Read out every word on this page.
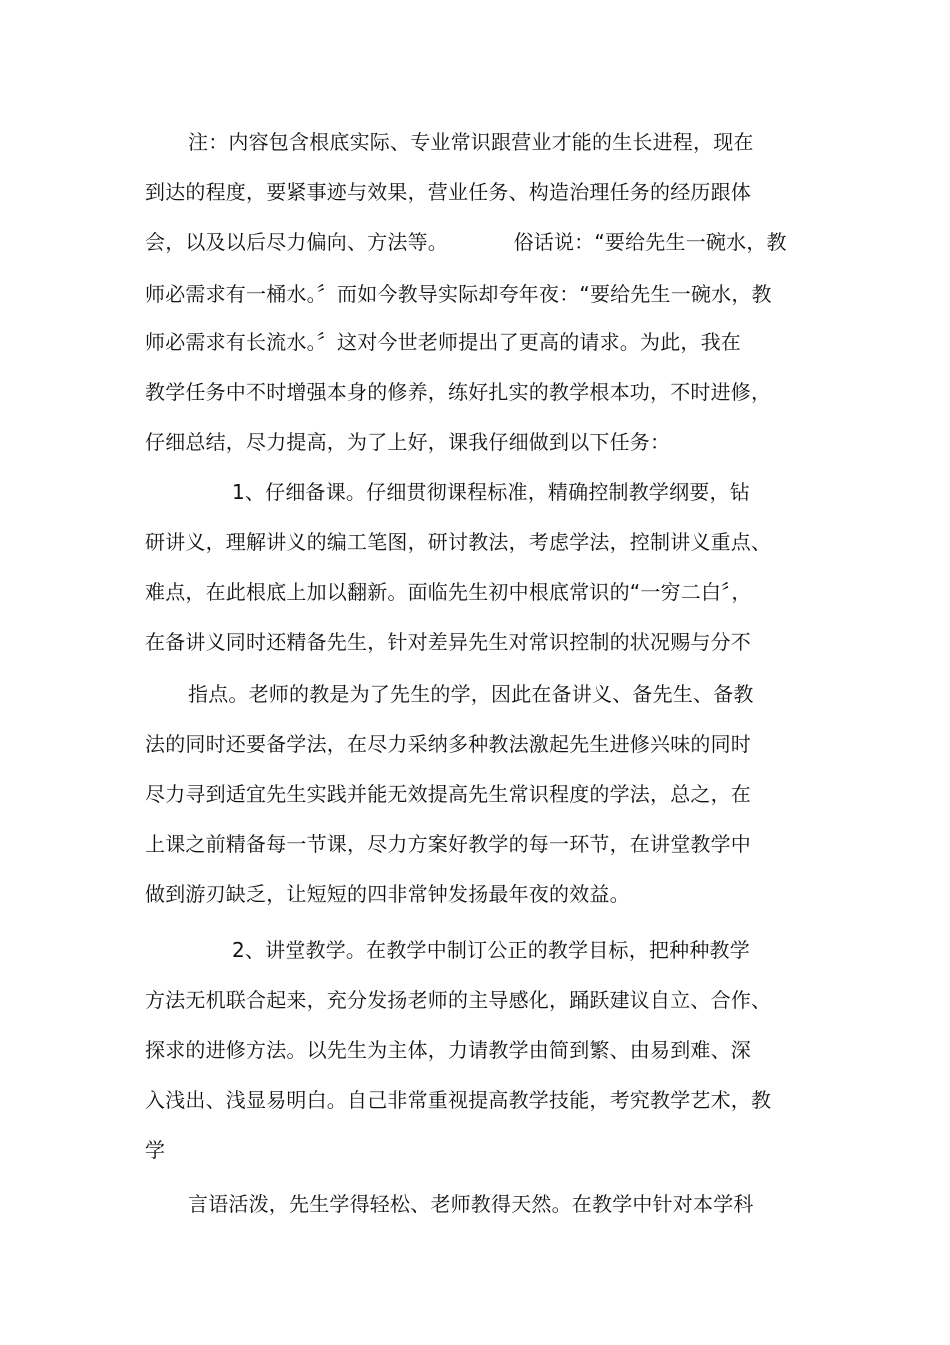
注：内容包含根底实际、专业常识跟营业才能的生长进程，现在
到达的程度，要紧事迹与效果，营业任务、构造治理任务的经历跟体
会，以及以后尽力偏向、方法等。          俗话说：“要给先生一碗水，教
师必需求有一桶水。〞而如今教导实际却夸年夜：“要给先生一碗水，教
师必需求有长流水。〞这对今世老师提出了更高的请求。为此，我在
教学任务中不时增强本身的修养，练好扎实的教学根本功，不时进修，
仔细总结，尽力提高，为了上好，课我仔细做到以下任务：
1、仔细备课。仔细贯彻课程标准，精确控制教学纲要，钻
研讲义，理解讲义的编工笔图，研讨教法，考虑学法，控制讲义重点、
难点，在此根底上加以翻新。面临先生初中根底常识的“一穷二白〞，
在备讲义同时还精备先生，针对差异先生对常识控制的状况赐与分不
指点。老师的教是为了先生的学，因此在备讲义、备先生、备教
法的同时还要备学法，在尽力采纳多种教法激起先生进修兴味的同时
尽力寻到适宜先生实践并能无效提高先生常识程度的学法，总之，在
上课之前精备每一节课，尽力方案好教学的每一环节，在讲堂教学中
做到游刃缺乏，让短短的四非常钟发扬最年夜的效益。
2、讲堂教学。在教学中制订公正的教学目标，把种种教学
方法无机联合起来，充分发扬老师的主导感化，踊跃建议自立、合作、
探求的进修方法。以先生为主体，力请教学由简到繁、由易到难、深
入浅出、浅显易明白。自己非常重视提高教学技能，考究教学艺术，教
学
言语活泼，先生学得轻松、老师教得天然。在教学中针对本学科
